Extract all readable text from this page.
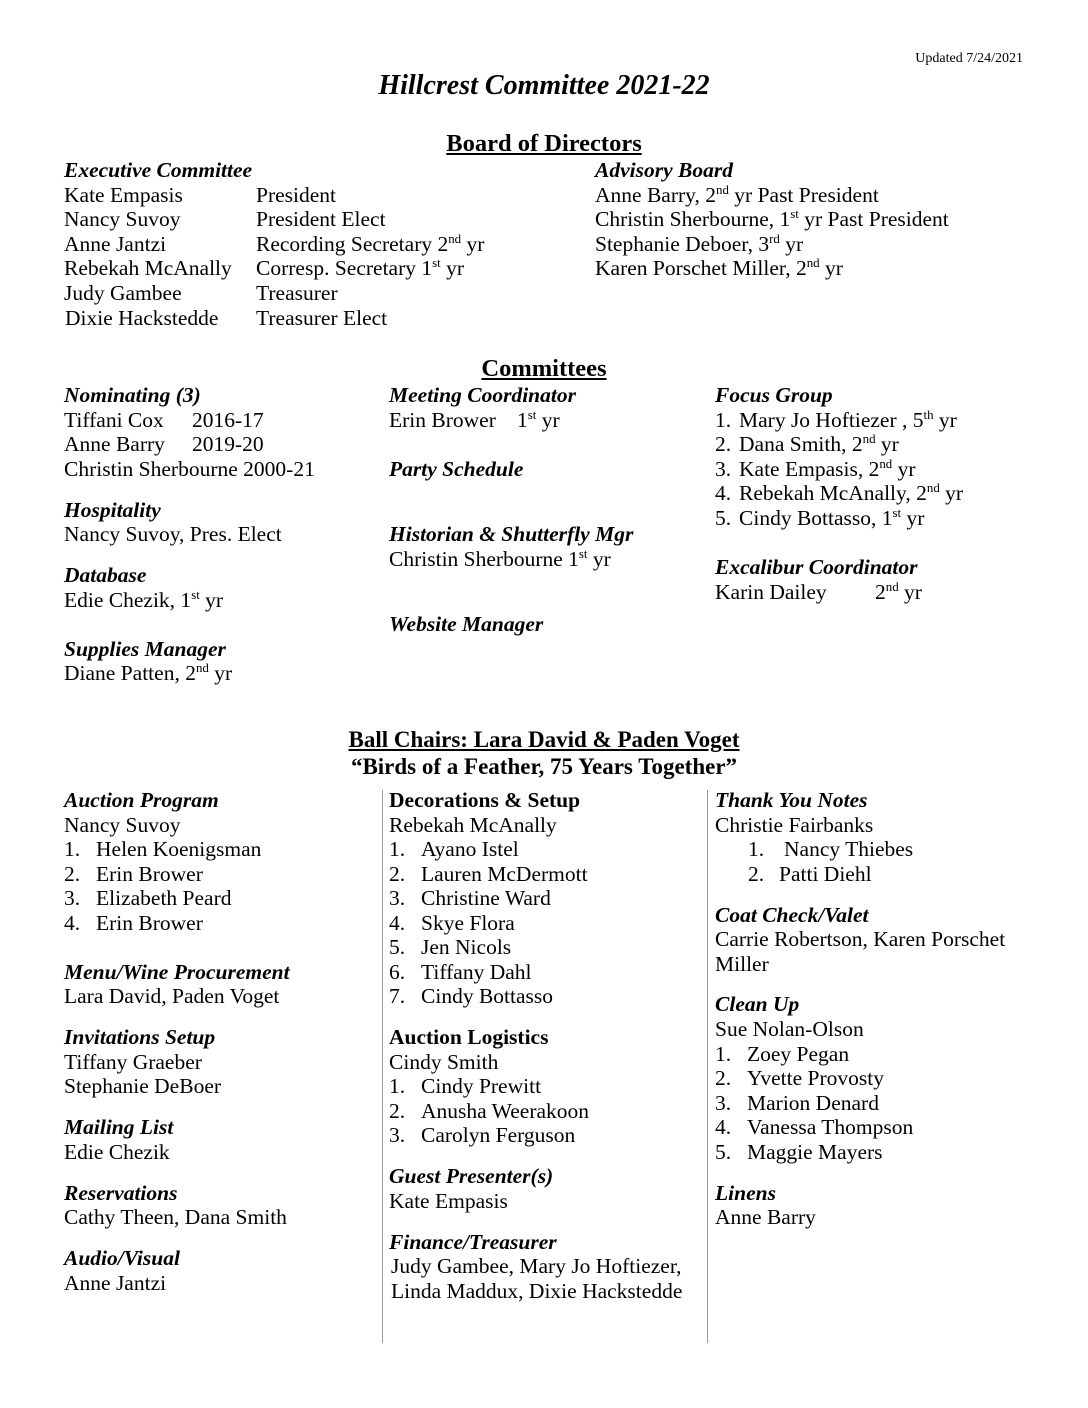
Updated 7/24/2021
Hillcrest Committee 2021-22
Board of Directors
Executive Committee
Kate Empasis	President
Nancy Suvoy	President Elect
Anne Jantzi	Recording Secretary 2nd yr
Rebekah McAnally Corresp. Secretary 1st yr
Judy Gambee	Treasurer
Dixie Hackstedde Treasurer Elect
Advisory Board
Anne Barry, 2nd yr Past President
Christin Sherbourne, 1st yr Past President
Stephanie Deboer, 3rd yr
Karen Porschet Miller, 2nd yr
Committees
Nominating (3)
Tiffani Cox 2016-17
Anne Barry 2019-20
Christin Sherbourne 2000-21
Hospitality
Nancy Suvoy, Pres. Elect
Database
Edie Chezik, 1st yr
Supplies Manager
Diane Patten, 2nd yr
Meeting Coordinator
Erin Brower 1st yr
Party Schedule
Historian & Shutterfly Mgr
Christin Sherbourne 1st yr
Website Manager
Focus Group
1. Mary Jo Hoftiezer , 5th yr
2. Dana Smith, 2nd yr
3. Kate Empasis, 2nd yr
4. Rebekah McAnally, 2nd yr
5. Cindy Bottasso, 1st yr
Excalibur Coordinator
Karin Dailey 2nd yr
Ball Chairs: Lara David & Paden Voget
“Birds of a Feather, 75 Years Together”
Auction Program
Nancy Suvoy
1. Helen Koenigsman
2. Erin Brower
3. Elizabeth Peard
4. Erin Brower
Menu/Wine Procurement
Lara David, Paden Voget
Invitations Setup
Tiffany Graeber
Stephanie DeBoer
Mailing List
Edie Chezik
Reservations
Cathy Theen, Dana Smith
Audio/Visual
Anne Jantzi
Decorations & Setup
Rebekah McAnally
1. Ayano Istel
2. Lauren McDermott
3. Christine Ward
4. Skye Flora
5. Jen Nicols
6. Tiffany Dahl
7. Cindy Bottasso
Auction Logistics
Cindy Smith
1. Cindy Prewitt
2. Anusha Weerakoon
3. Carolyn Ferguson
Guest Presenter(s)
Kate Empasis
Finance/Treasurer
Judy Gambee, Mary Jo Hoftiezer, Linda Maddux, Dixie Hackstedde
Thank You Notes
Christie Fairbanks
1. Nancy Thiebes
2. Patti Diehl
Coat Check/Valet
Carrie Robertson, Karen Porschet Miller
Clean Up
Sue Nolan-Olson
1. Zoey Pegan
2. Yvette Provosty
3. Marion Denard
4. Vanessa Thompson
5. Maggie Mayers
Linens
Anne Barry
